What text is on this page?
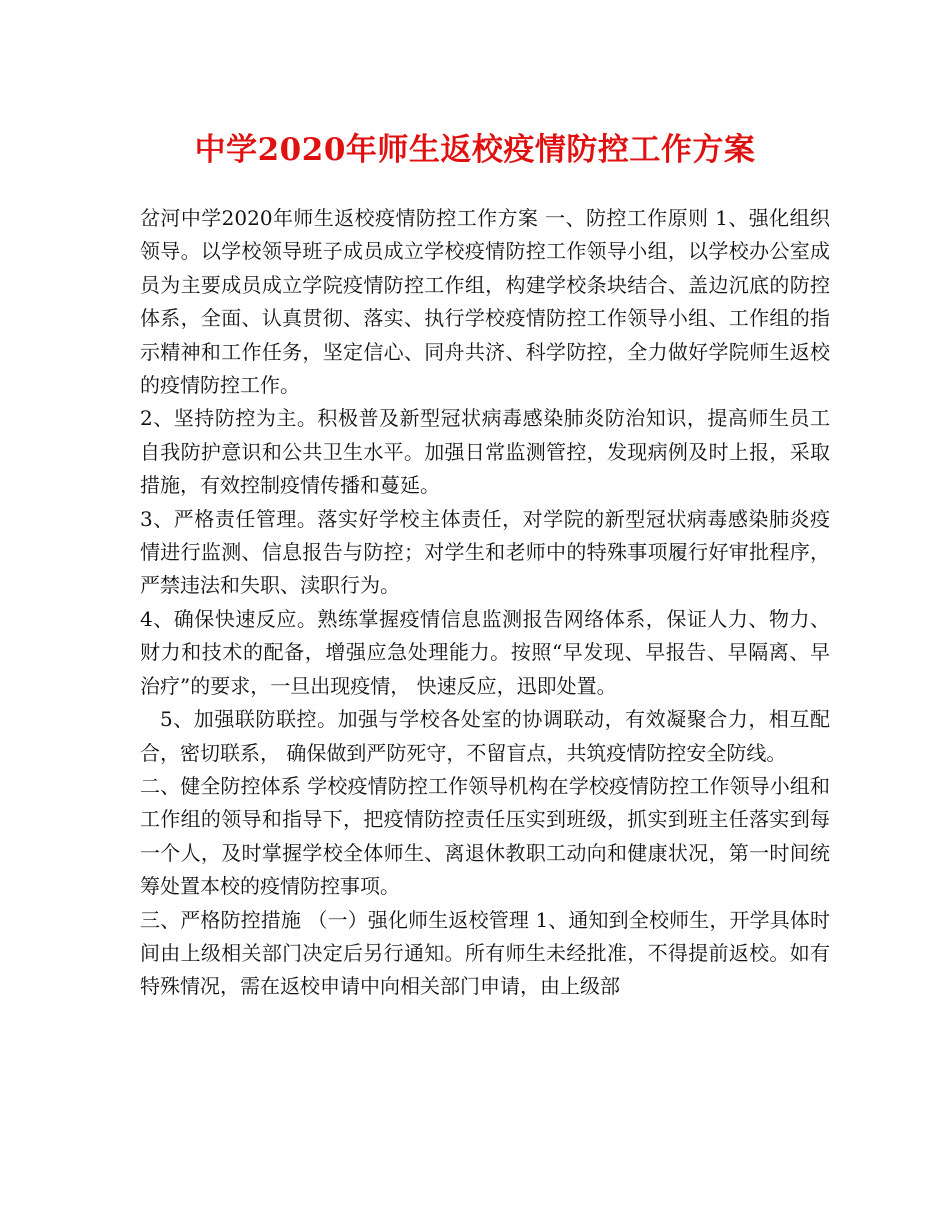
中学2020年师生返校疫情防控工作方案

岔河中学2020年师生返校疫情防控工作方案 一、防控工作原则 1、强化组织领导。以学校领导班子成员成立学校疫情防控工作领导小组，以学校办公室成员为主要成员成立学院疫情防控工作组，构建学校条块结合、盖边沉底的防控体系，全面、认真贯彻、落实、执行学校疫情防控工作领导小组、工作组的指示精神和工作任务，坚定信心、同舟共济、科学防控，全力做好学院师生返校的疫情防控工作。

2、坚持防控为主。积极普及新型冠状病毒感染肺炎防治知识，提高师生员工自我防护意识和公共卫生水平。加强日常监测管控，发现病例及时上报，采取措施，有效控制疫情传播和蔓延。

3、严格责任管理。落实好学校主体责任，对学院的新型冠状病毒感染肺炎疫情进行监测、信息报告与防控；对学生和老师中的特殊事项履行好审批程序，严禁违法和失职、渎职行为。

4、确保快速反应。熟练掌握疫情信息监测报告网络体系，保证人力、物力、财力和技术的配备，增强应急处理能力。按照“早发现、早报告、早隔离、早治疗”的要求，一旦出现疫情， 快速反应，迅即处置。

5、加强联防联控。加强与学校各处室的协调联动，有效凝聚合力，相互配合，密切联系， 确保做到严防死守，不留盲点，共筑疫情防控安全防线。

二、健全防控体系 学校疫情防控工作领导机构在学校疫情防控工作领导小组和工作组的领导和指导下，把疫情防控责任压实到班级，抓实到班主任落实到每一个人，及时掌握学校全体师生、离退休教职工动向和健康状况，第一时间统筹处置本校的疫情防控事项。

三、严格防控措施 （一）强化师生返校管理 1、通知到全校师生，开学具体时间由上级相关部门决定后另行通知。所有师生未经批准，不得提前返校。如有特殊情况，需在返校申请中向相关部门申请，由上级部
